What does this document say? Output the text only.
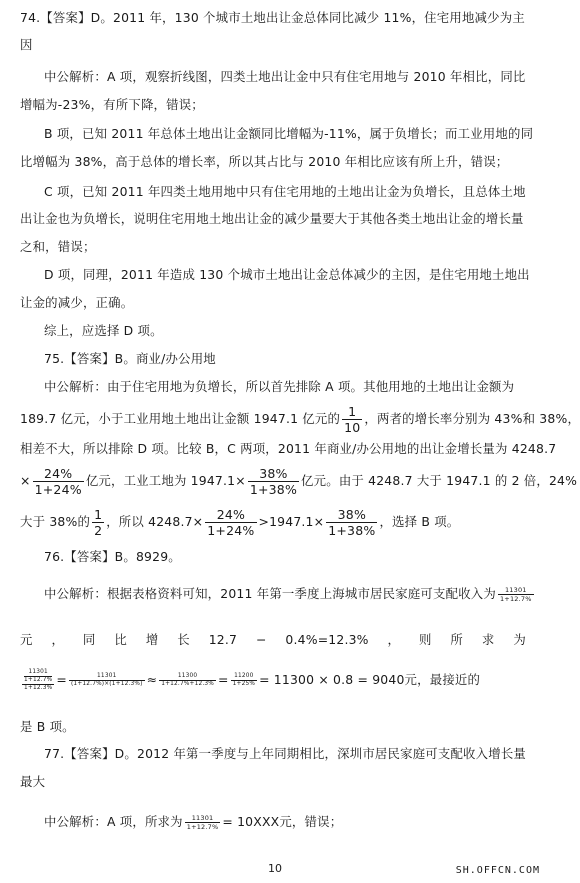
74.【答案】D。2011 年，130 个城市土地出让金总体同比减少 11%，住宅用地减少为主
因
中公解析：A 项，观察折线图，四类土地出让金中只有住宅用地与 2010 年相比，同比
增幅为-23%，有所下降，错误；
B 项，已知 2011 年总体土地出让金额同比增幅为-11%，属于负增长；而工业用地的同
比增幅为 38%，高于总体的增长率，所以其占比与 2010 年相比应该有所上升，错误；
C 项，已知 2011 年四类土地用地中只有住宅用地的土地出让金为负增长，且总体土地
出让金也为负增长，说明住宅用地土地出让金的减少量要大于其他各类土地出让金的增长量
之和，错误；
D 项，同理，2011 年造成 130 个城市土地出让金总体减少的主因，是住宅用地土地出
让金的减少，正确。
综上，应选择 D 项。
75.【答案】B。商业/办公用地
中公解析：由于住宅用地为负增长，所以首先排除 A 项。其他用地的土地出让金额为
189.7 亿元，小于工业用地土地出让金额 1947.1 亿元的 $\frac{1}{10}$ ，两者的增长率分别为 43%和 38%，
相差不大，所以排除 D 项。比较 B，C 两项，2011 年商业/办公用地的出让金增长量为 4248.7
× $\frac{24\%}{1+24\%}$ 亿元，工业工地为 $1947.1\times \frac{38\%}{1+38\%}$ 亿元。由于 4248.7 大于 1947.1 的 2 倍，24%
大于 38%的 $\frac{1}{2}$ ，所以 $4248.7\times \frac{24\%}{1+24\%} >1947.1\times \frac{38\%}{1+38\%}$ ，选择 B 项。
76.【答案】B。8929。
中公解析：根据表格资料可知，2011 年第一季度上海城市居民家庭可支配收入为 $\frac{11301}{1+12.7\%}$
元 ， 同 比 增 长 12.7 − 0.4%=12.3% ， 则 所 求 为
11301
1+12.7%
$1+12.3\% = \frac{11301}{(1+12.7\%)\times(1+12.3\%)} \approx \frac{11300}{1+12.7\%+12.3\%} = \frac{11200}{1+25\%} = 11300 \times 0.8 = 9040$元，最接近的
是 B 项。
77.【答案】D。2012 年第一季度与上年同期相比，深圳市居民家庭可支配收入增长量
最大
中公解析：A 项，所求为 $\frac{11301}{1+12.7\%} = 10XXX$元，错误；
10	SH.OFFCN.COM
